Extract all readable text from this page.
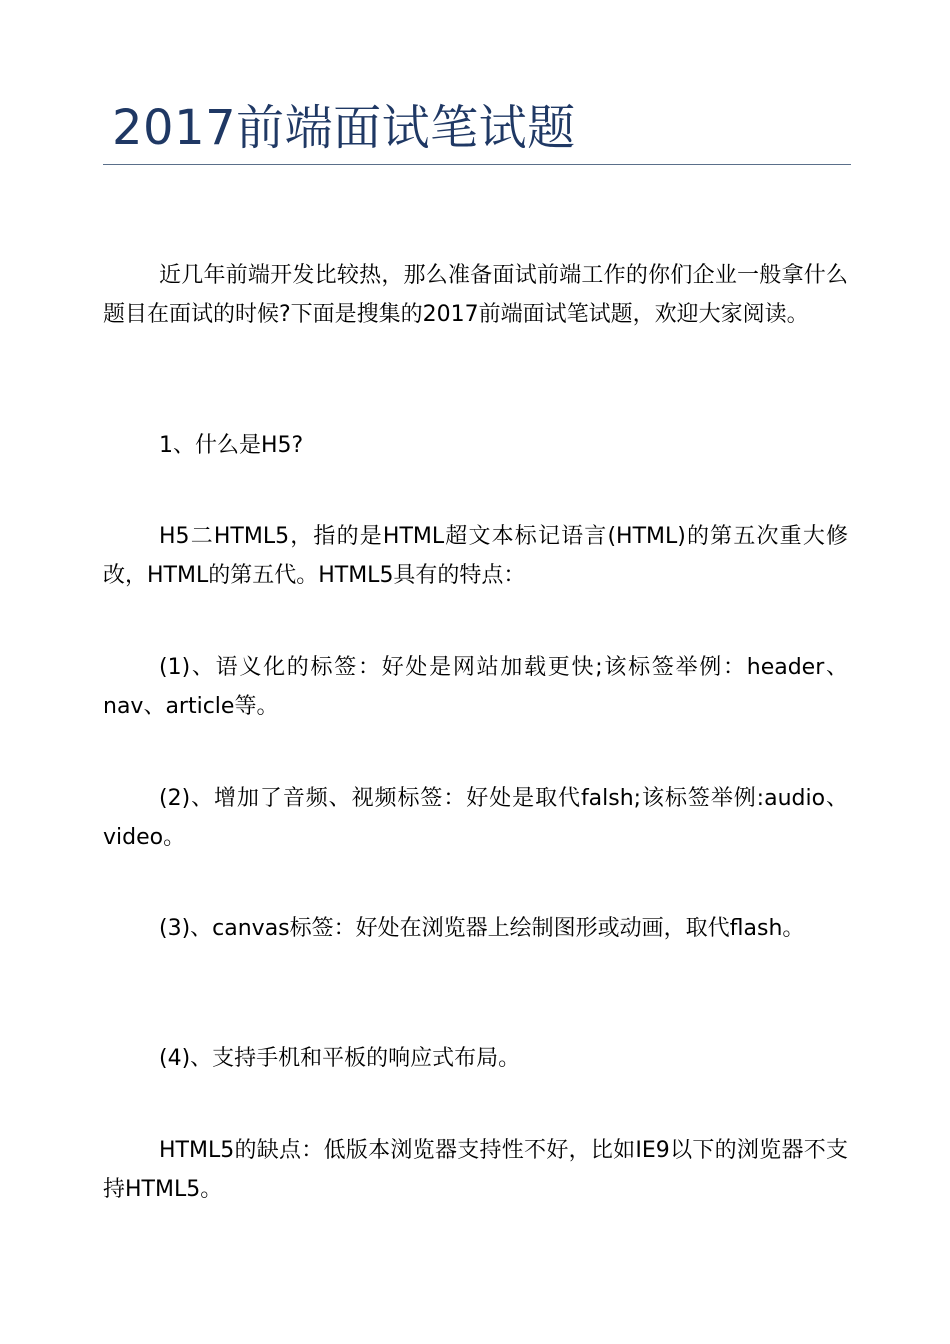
2017前端面试笔试题

近几年前端开发比较热，那么准备面试前端工作的你们企业一般拿什么题目在面试的时候?下面是搜集的2017前端面试笔试题，欢迎大家阅读。

1、什么是H5?

H5二HTML5，指的是HTML超文本标记语言(HTML)的第五次重大修改，HTML的第五代。HTML5具有的特点：

(1)、语义化的标签：好处是网站加载更快;该标签举例：header、nav、article等。

(2)、增加了音频、视频标签：好处是取代falsh;该标签举例:audio、video。

(3)、canvas标签：好处在浏览器上绘制图形或动画，取代flash。

(4)、支持手机和平板的响应式布局。

HTML5的缺点：低版本浏览器支持性不好，比如IE9以下的浏览器不支持HTML5。
